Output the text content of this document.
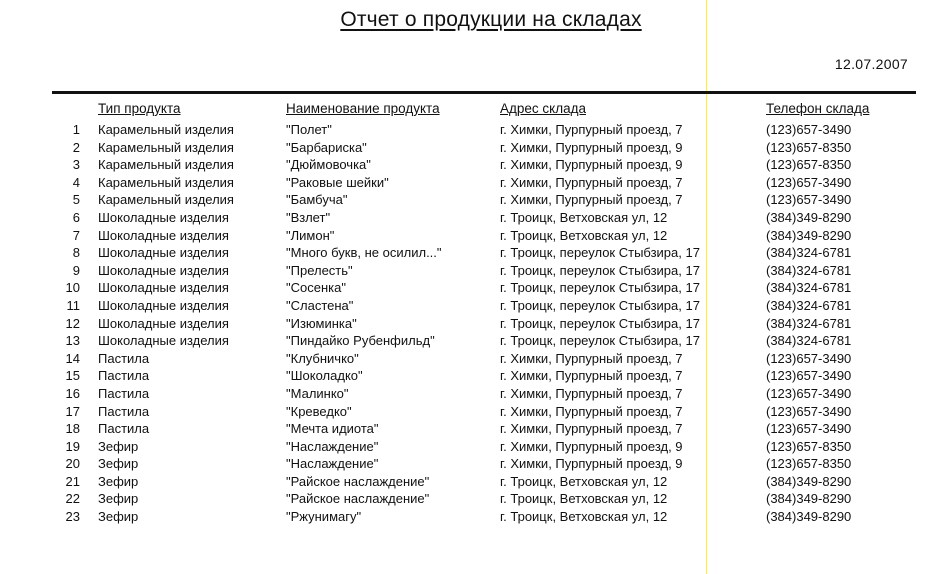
Отчет о продукции на складах
12.07.2007
Тип продукта	Наименование продукта	Адрес склада	Телефон склада
1 Карамельный изделия	"Полет"	г. Химки, Пурпурный проезд, 7	(123)657-3490
2 Карамельный изделия	"Барбариска"	г. Химки, Пурпурный проезд, 9	(123)657-8350
3 Карамельный изделия	"Дюймовочка"	г. Химки, Пурпурный проезд, 9	(123)657-8350
4 Карамельный изделия	"Раковые шейки"	г. Химки, Пурпурный проезд, 7	(123)657-3490
5 Карамельный изделия	"Бамбуча"	г. Химки, Пурпурный проезд, 7	(123)657-3490
6 Шоколадные изделия	"Взлет"	г. Троицк, Ветховская ул, 12	(384)349-8290
7 Шоколадные изделия	"Лимон"	г. Троицк, Ветховская ул, 12	(384)349-8290
8 Шоколадные изделия	"Много букв, не осилил..."	г. Троицк, переулок Стыбзира, 17	(384)324-6781
9 Шоколадные изделия	"Прелесть"	г. Троицк, переулок Стыбзира, 17	(384)324-6781
10 Шоколадные изделия	"Сосенка"	г. Троицк, переулок Стыбзира, 17	(384)324-6781
11 Шоколадные изделия	"Сластена"	г. Троицк, переулок Стыбзира, 17	(384)324-6781
12 Шоколадные изделия	"Изюминка"	г. Троицк, переулок Стыбзира, 17	(384)324-6781
13 Шоколадные изделия	"Пиндайко Рубенфильд"	г. Троицк, переулок Стыбзира, 17	(384)324-6781
14 Пастила	"Клубничко"	г. Химки, Пурпурный проезд, 7	(123)657-3490
15 Пастила	"Шоколадко"	г. Химки, Пурпурный проезд, 7	(123)657-3490
16 Пастила	"Малинко"	г. Химки, Пурпурный проезд, 7	(123)657-3490
17 Пастила	"Креведко"	г. Химки, Пурпурный проезд, 7	(123)657-3490
18 Пастила	"Мечта идиота"	г. Химки, Пурпурный проезд, 7	(123)657-3490
19 Зефир	"Наслаждение"	г. Химки, Пурпурный проезд, 9	(123)657-8350
20 Зефир	"Наслаждение"	г. Химки, Пурпурный проезд, 9	(123)657-8350
21 Зефир	"Райское наслаждение"	г. Троицк, Ветховская ул, 12	(384)349-8290
22 Зефир	"Райское наслаждение"	г. Троицк, Ветховская ул, 12	(384)349-8290
23 Зефир	"Ржунимагу"	г. Троицк, Ветховская ул, 12	(384)349-8290
